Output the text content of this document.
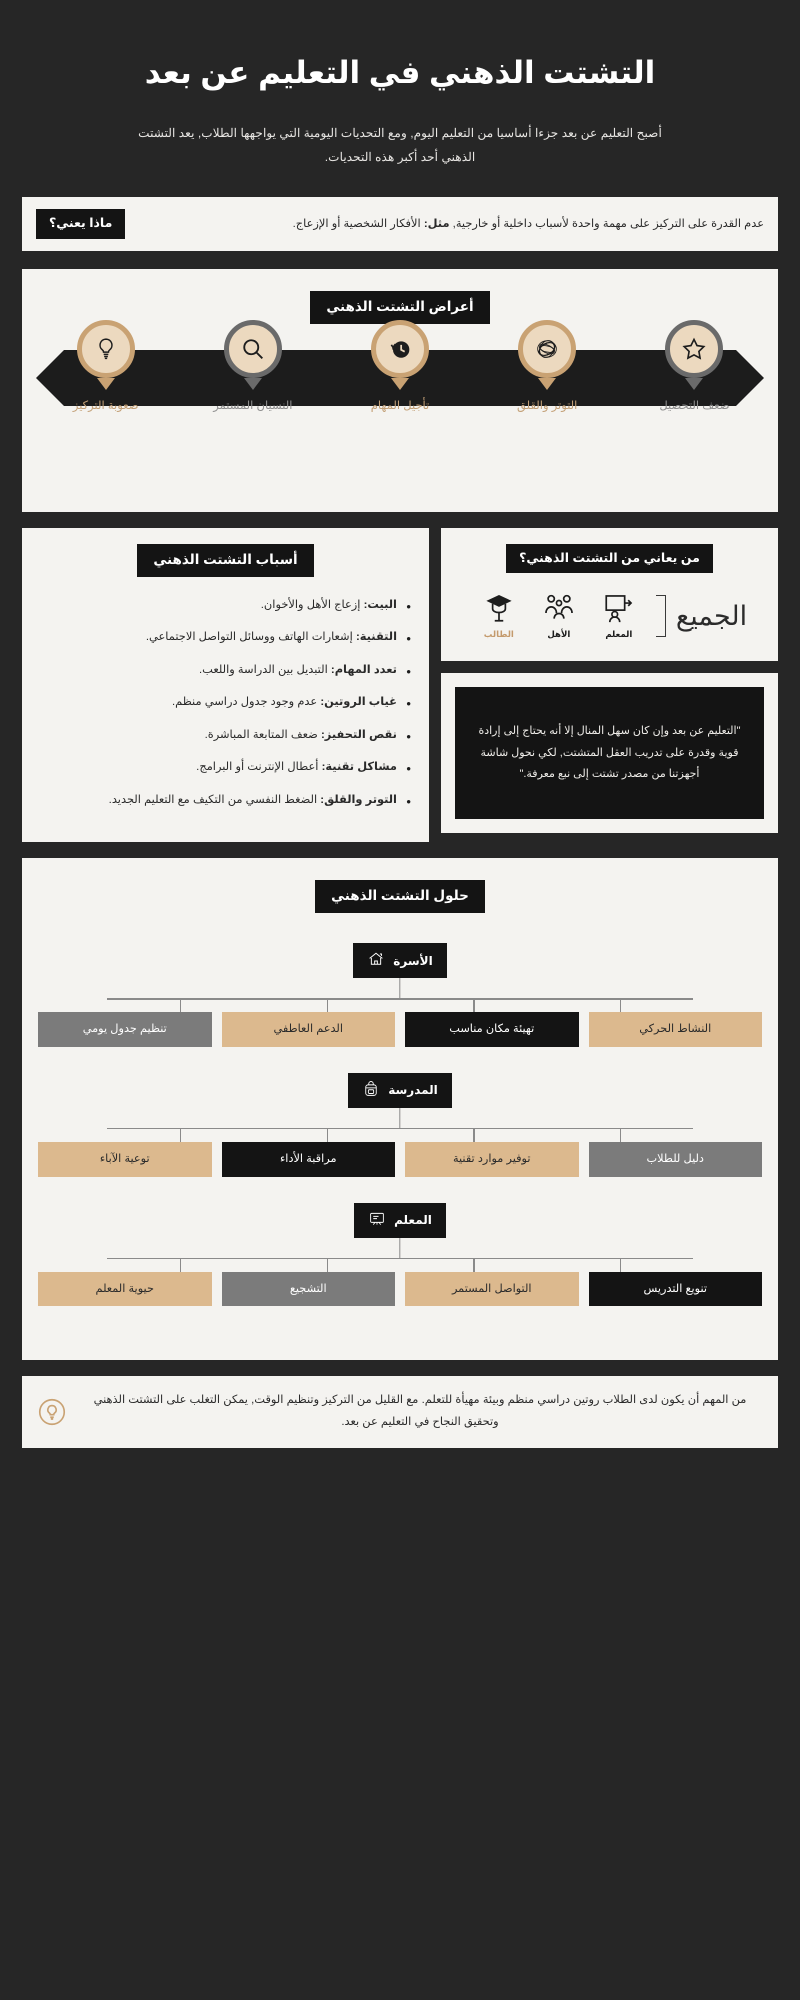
التشتت الذهني في التعليم عن بعد

أصبح التعليم عن بعد جزءا أساسيا من التعليم اليوم, ومع التحديات اليومية التي يواجهها الطلاب, يعد التشتت الذهني أحد أكبر هذه التحديات.

عدم القدرة على التركيز على مهمة واحدة لأسباب داخلية أو خارجية, مثل: الأفكار الشخصية أو الإزعاج.
ماذا يعني؟
أعراض التشتت الذهني
ضعف التحصيل
التوتر والقلق
تأجيل المهام
النسيان المستمر
صعوبة التركيز
من يعاني من التشتت الذهني؟
الجميع
المعلم
الأهل
الطالب
"التعليم عن بعد وإن كان سهل المنال إلا أنه يحتاج إلى إرادة قوية وقدرة على تدريب العقل المتشتت, لكي نحول شاشة أجهزتنا من مصدر تشتت إلى نبع معرفة."
أسباب التشتت الذهني
• البيت: إزعاج الأهل والأخوان.
• التقنية: إشعارات الهاتف ووسائل التواصل الاجتماعي.
• تعدد المهام: التبديل بين الدراسة واللعب.
• غياب الروتين: عدم وجود جدول دراسي منظم.
• نقص التحفيز: ضعف المتابعة المباشرة.
• مشاكل تقنية: أعطال الإنترنت أو البرامج.
• التوتر والقلق: الضغط النفسي من التكيف مع التعليم الجديد.
حلول التشتت الذهني
الأسرة
النشاط الحركي
تهيئة مكان مناسب
الدعم العاطفي
تنظيم جدول يومي
المدرسة
دليل للطلاب
توفير موارد تقنية
مراقبة الأداء
توعية الآباء
المعلم
تنويع التدريس
التواصل المستمر
التشجيع
حيوية المعلم
من المهم أن يكون لدى الطلاب روتين دراسي منظم وبيئة مهيأة للتعلم. مع القليل من التركيز وتنظيم الوقت, يمكن التغلب على التشتت الذهني وتحقيق النجاح في التعليم عن بعد.
